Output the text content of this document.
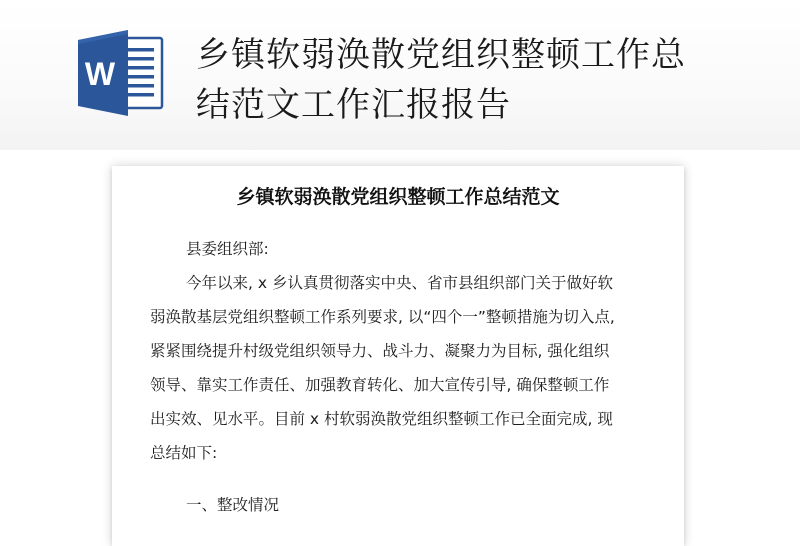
W 乡镇软弱涣散党组织整顿工作总
结范文工作汇报报告
乡镇软弱涣散党组织整顿工作总结范文

县委组织部:

今年以来, x 乡认真贯彻落实中央、省市县组织部门关于做好软
弱涣散基层党组织整顿工作系列要求, 以“四个一”整顿措施为切入点,
紧紧围绕提升村级党组织领导力、战斗力、凝聚力为目标, 强化组织
领导、靠实工作责任、加强教育转化、加大宣传引导, 确保整顿工作
出实效、见水平。目前 x 村软弱涣散党组织整顿工作已全面完成, 现
总结如下:

一、整改情况
